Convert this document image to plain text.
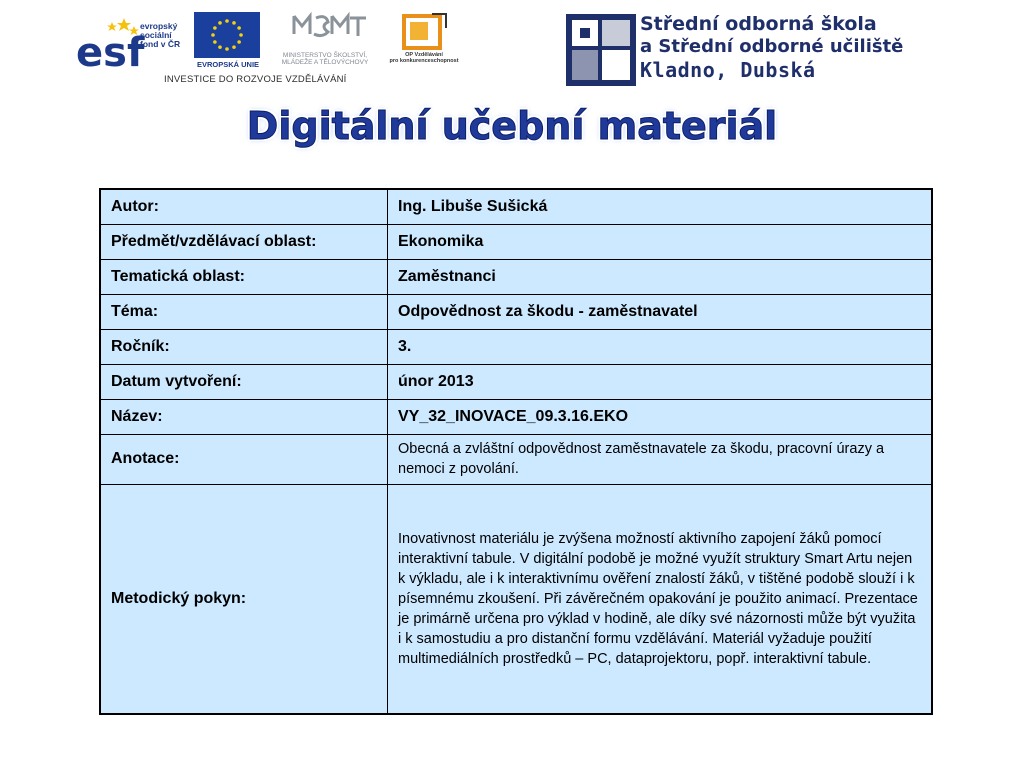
esf
evropský
sociální
fond v ČR
EVROPSKÁ UNIE
MINISTERSTVO ŠKOLSTVÍ,
MLÁDEŽE A TĚLOVÝCHOVY
OP Vzdělávání
pro konkurenceschopnost
INVESTICE DO ROZVOJE VZDĚLÁVÁNÍ
Střední odborná škola
a Střední odborné učiliště
Kladno, Dubská
Digitální učební materiál
Autor:	Ing. Libuše Sušická
Předmět/vzdělávací oblast:	Ekonomika
Tematická oblast:	Zaměstnanci
Téma:	Odpovědnost za škodu - zaměstnavatel
Ročník:	3.
Datum vytvoření:	únor 2013
Název:	VY_32_INOVACE_09.3.16.EKO
Anotace:	Obecná a zvláštní odpovědnost zaměstnavatele za škodu, pracovní úrazy a nemoci z povolání.
Metodický pokyn:	Inovativnost materiálu je zvýšena možností aktivního zapojení žáků pomocí interaktivní tabule. V digitální podobě je možné využít struktury Smart Artu nejen k výkladu, ale i k interaktivnímu ověření znalostí žáků, v tištěné podobě slouží i k písemnému zkoušení. Při závěrečném opakování je použito animací. Prezentace je primárně určena pro výklad v hodině, ale díky své názornosti může být využita i k samostudiu a pro distanční formu vzdělávání. Materiál vyžaduje použití multimediálních prostředků – PC, dataprojektoru, popř. interaktivní tabule.
